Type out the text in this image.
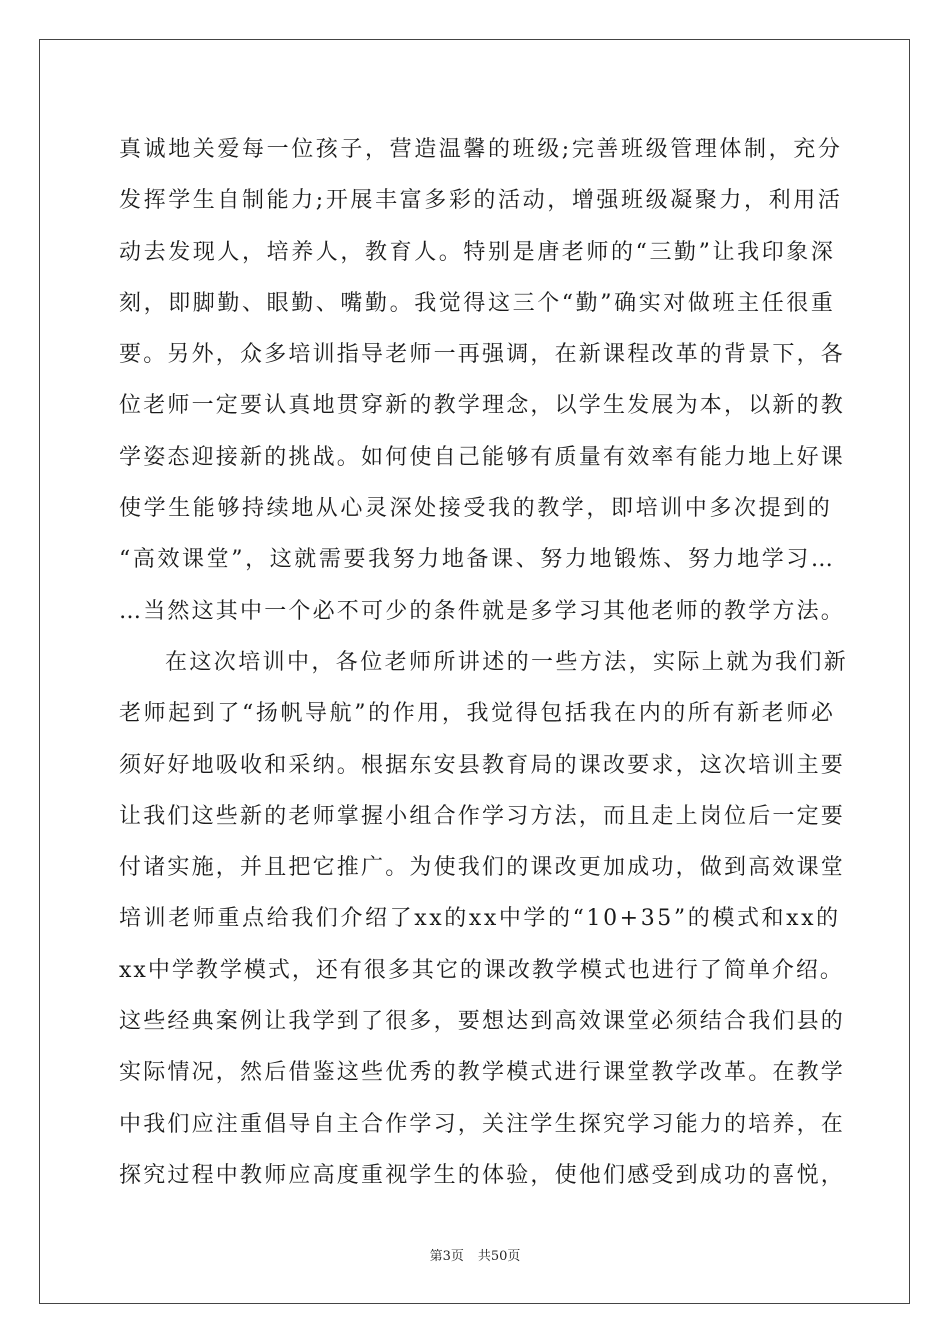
真诚地关爱每一位孩子，营造温馨的班级;完善班级管理体制，充分
发挥学生自制能力;开展丰富多彩的活动，增强班级凝聚力，利用活
动去发现人，培养人，教育人。特别是唐老师的“三勤”让我印象深
刻，即脚勤、眼勤、嘴勤。我觉得这三个“勤”确实对做班主任很重
要。另外，众多培训指导老师一再强调，在新课程改革的背景下，各
位老师一定要认真地贯穿新的教学理念，以学生发展为本，以新的教
学姿态迎接新的挑战。如何使自己能够有质量有效率有能力地上好课
使学生能够持续地从心灵深处接受我的教学，即培训中多次提到的
“高效课堂”，这就需要我努力地备课、努力地锻炼、努力地学习…
…当然这其中一个必不可少的条件就是多学习其他老师的教学方法。
在这次培训中，各位老师所讲述的一些方法，实际上就为我们新
老师起到了“扬帆导航”的作用，我觉得包括我在内的所有新老师必
须好好地吸收和采纳。根据东安县教育局的课改要求，这次培训主要
让我们这些新的老师掌握小组合作学习方法，而且走上岗位后一定要
付诸实施，并且把它推广。为使我们的课改更加成功，做到高效课堂
培训老师重点给我们介绍了xx的xx中学的“10+35”的模式和xx的
xx中学教学模式，还有很多其它的课改教学模式也进行了简单介绍。
这些经典案例让我学到了很多，要想达到高效课堂必须结合我们县的
实际情况，然后借鉴这些优秀的教学模式进行课堂教学改革。在教学
中我们应注重倡导自主合作学习，关注学生探究学习能力的培养，在
探究过程中教师应高度重视学生的体验，使他们感受到成功的喜悦，
第3页 共50页
